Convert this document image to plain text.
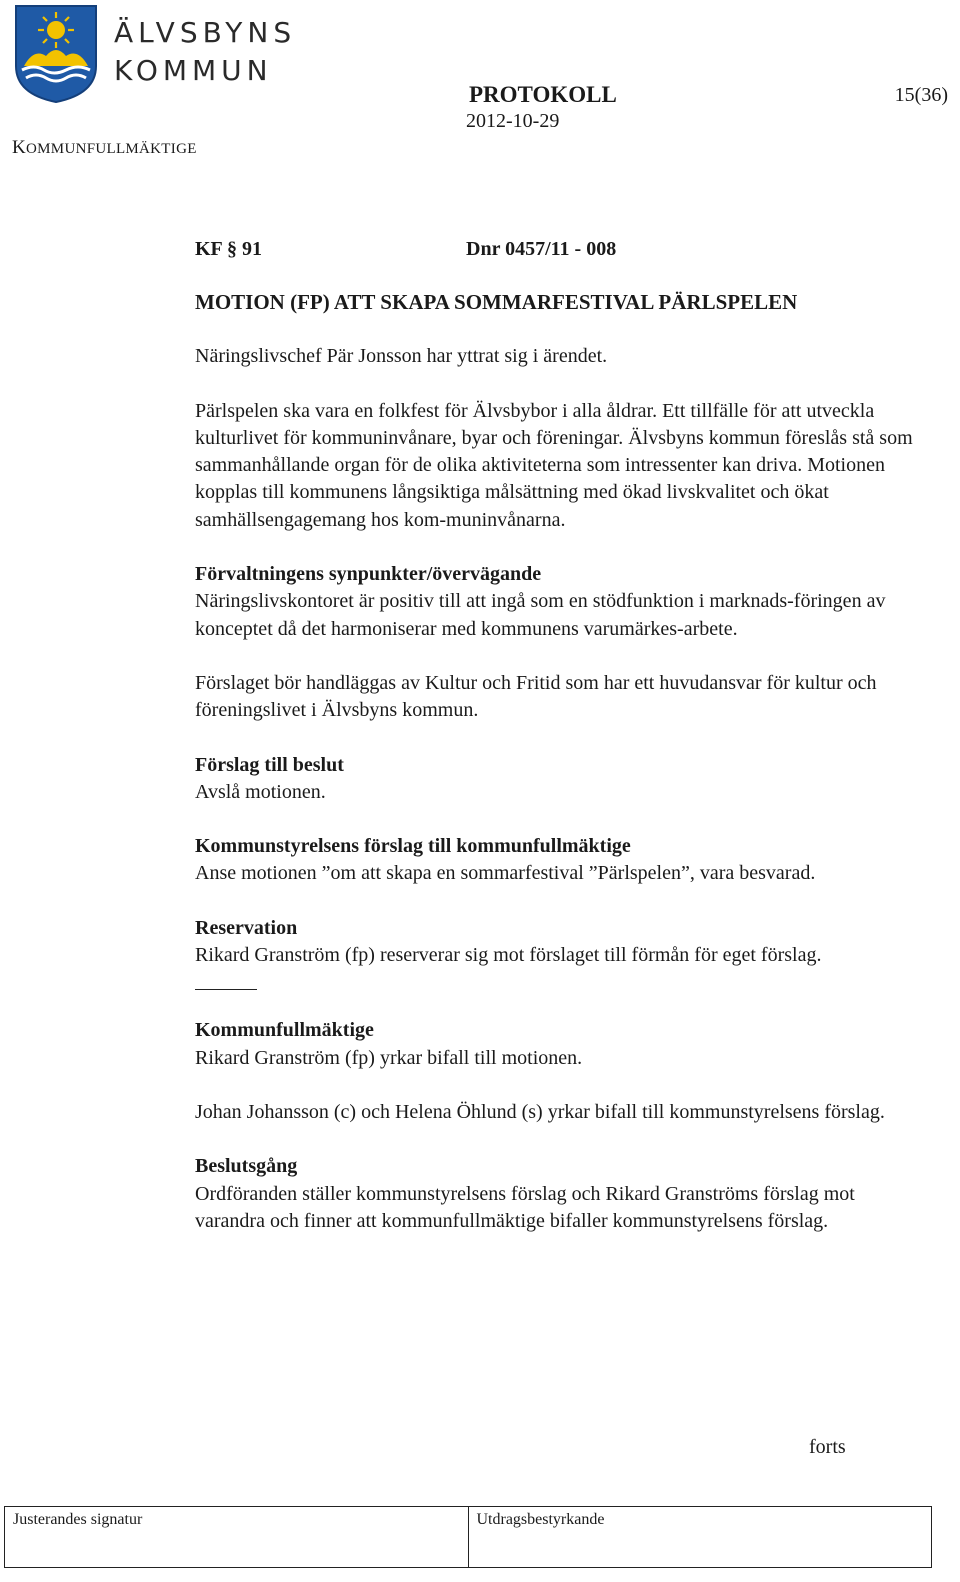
ÄLVSBYNS
KOMMUN
KOMMUNFULLMÄKTIGE
PROTOKOLL
2012-10-29
15(36)
KF § 91	Dnr 0457/11 - 008

MOTION (FP) ATT SKAPA SOMMARFESTIVAL PÄRLSPELEN

Näringslivschef Pär Jonsson har yttrat sig i ärendet.

Pärlspelen ska vara en folkfest för Älvsbybor i alla åldrar. Ett tillfälle för att utveckla kulturlivet för kommuninvånare, byar och föreningar. Älvsbyns kommun föreslås stå som sammanhållande organ för de olika aktiviteterna som intressenter kan driva. Motionen kopplas till kommunens långsiktiga målsättning med ökad livskvalitet och ökat samhällsengagemang hos kom-muninvånarna.

Förvaltningens synpunkter/övervägande

Näringslivskontoret är positiv till att ingå som en stödfunktion i marknads-föringen av konceptet då det harmoniserar med kommunens varumärkes-arbete.

Förslaget bör handläggas av Kultur och Fritid som har ett huvudansvar för kultur och föreningslivet i Älvsbyns kommun.

Förslag till beslut

Avslå motionen.

Kommunstyrelsens förslag till kommunfullmäktige

Anse motionen ”om att skapa en sommarfestival ”Pärlspelen”, vara besvarad.

Reservation

Rikard Granström (fp) reserverar sig mot förslaget till förmån för eget förslag.

Kommunfullmäktige

Rikard Granström (fp) yrkar bifall till motionen.

Johan Johansson (c) och Helena Öhlund (s) yrkar bifall till kommunstyrelsens förslag.

Beslutsgång

Ordföranden ställer kommunstyrelsens förslag och Rikard Granströms förslag mot varandra och finner att kommunfullmäktige bifaller kommunstyrelsens förslag.

forts
Justerandes signatur	Utdragsbestyrkande
